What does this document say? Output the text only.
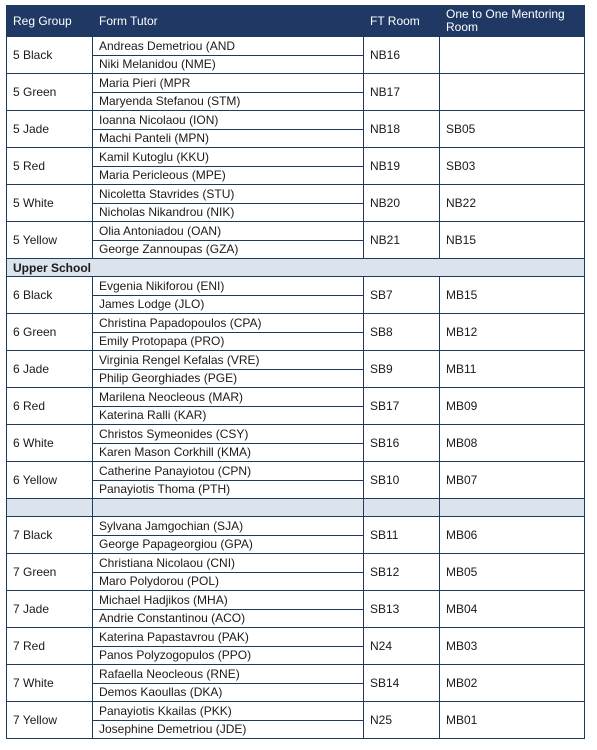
Reg Group	Form Tutor	FT Room	One to One Mentoring Room
5 Black	Andreas Demetriou (AND	NB16	
	Niki Melanidou (NME)		
5 Green	Maria Pieri (MPR	NB17	
	Maryenda Stefanou (STM)		
5 Jade	Ioanna Nicolaou (ION)	NB18	SB05
	Machi Panteli (MPN)		
5 Red	Kamil Kutoglu (KKU)	NB19	SB03
	Maria Pericleous (MPE)		
5 White	Nicoletta Stavrides (STU)	NB20	NB22
	Nicholas Nikandrou (NIK)		
5 Yellow	Olia Antoniadou (OAN)	NB21	NB15
	George Zannoupas (GZA)		
Upper School			
6 Black	Evgenia Nikiforou (ENI)	SB7	MB15
	James Lodge (JLO)		
6 Green	Christina Papadopoulos (CPA)	SB8	MB12
	Emily Protopapa (PRO)		
6 Jade	Virginia Rengel Kefalas (VRE)	SB9	MB11
	Philip Georghiades (PGE)		
6 Red	Marilena Neocleous (MAR)	SB17	MB09
	Katerina Ralli (KAR)		
6 White	Christos Symeonides (CSY)	SB16	MB08
	Karen Mason Corkhill (KMA)		
6 Yellow	Catherine Panayiotou (CPN)	SB10	MB07
	Panayiotis Thoma (PTH)		

7 Black	Sylvana Jamgochian (SJA)	SB11	MB06
	George Papageorgiou (GPA)		
7 Green	Christiana Nicolaou (CNI)	SB12	MB05
	Maro Polydorou (POL)		
7 Jade	Michael Hadjikos (MHA)	SB13	MB04
	Andrie Constantinou (ACO)		
7 Red	Katerina Papastavrou (PAK)	N24	MB03
	Panos Polyzogopulos (PPO)		
7 White	Rafaella Neocleous (RNE)	SB14	MB02
	Demos Kaoullas (DKA)		
7 Yellow	Panayiotis Kkailas (PKK)	N25	MB01
	Josephine Demetriou (JDE)		
